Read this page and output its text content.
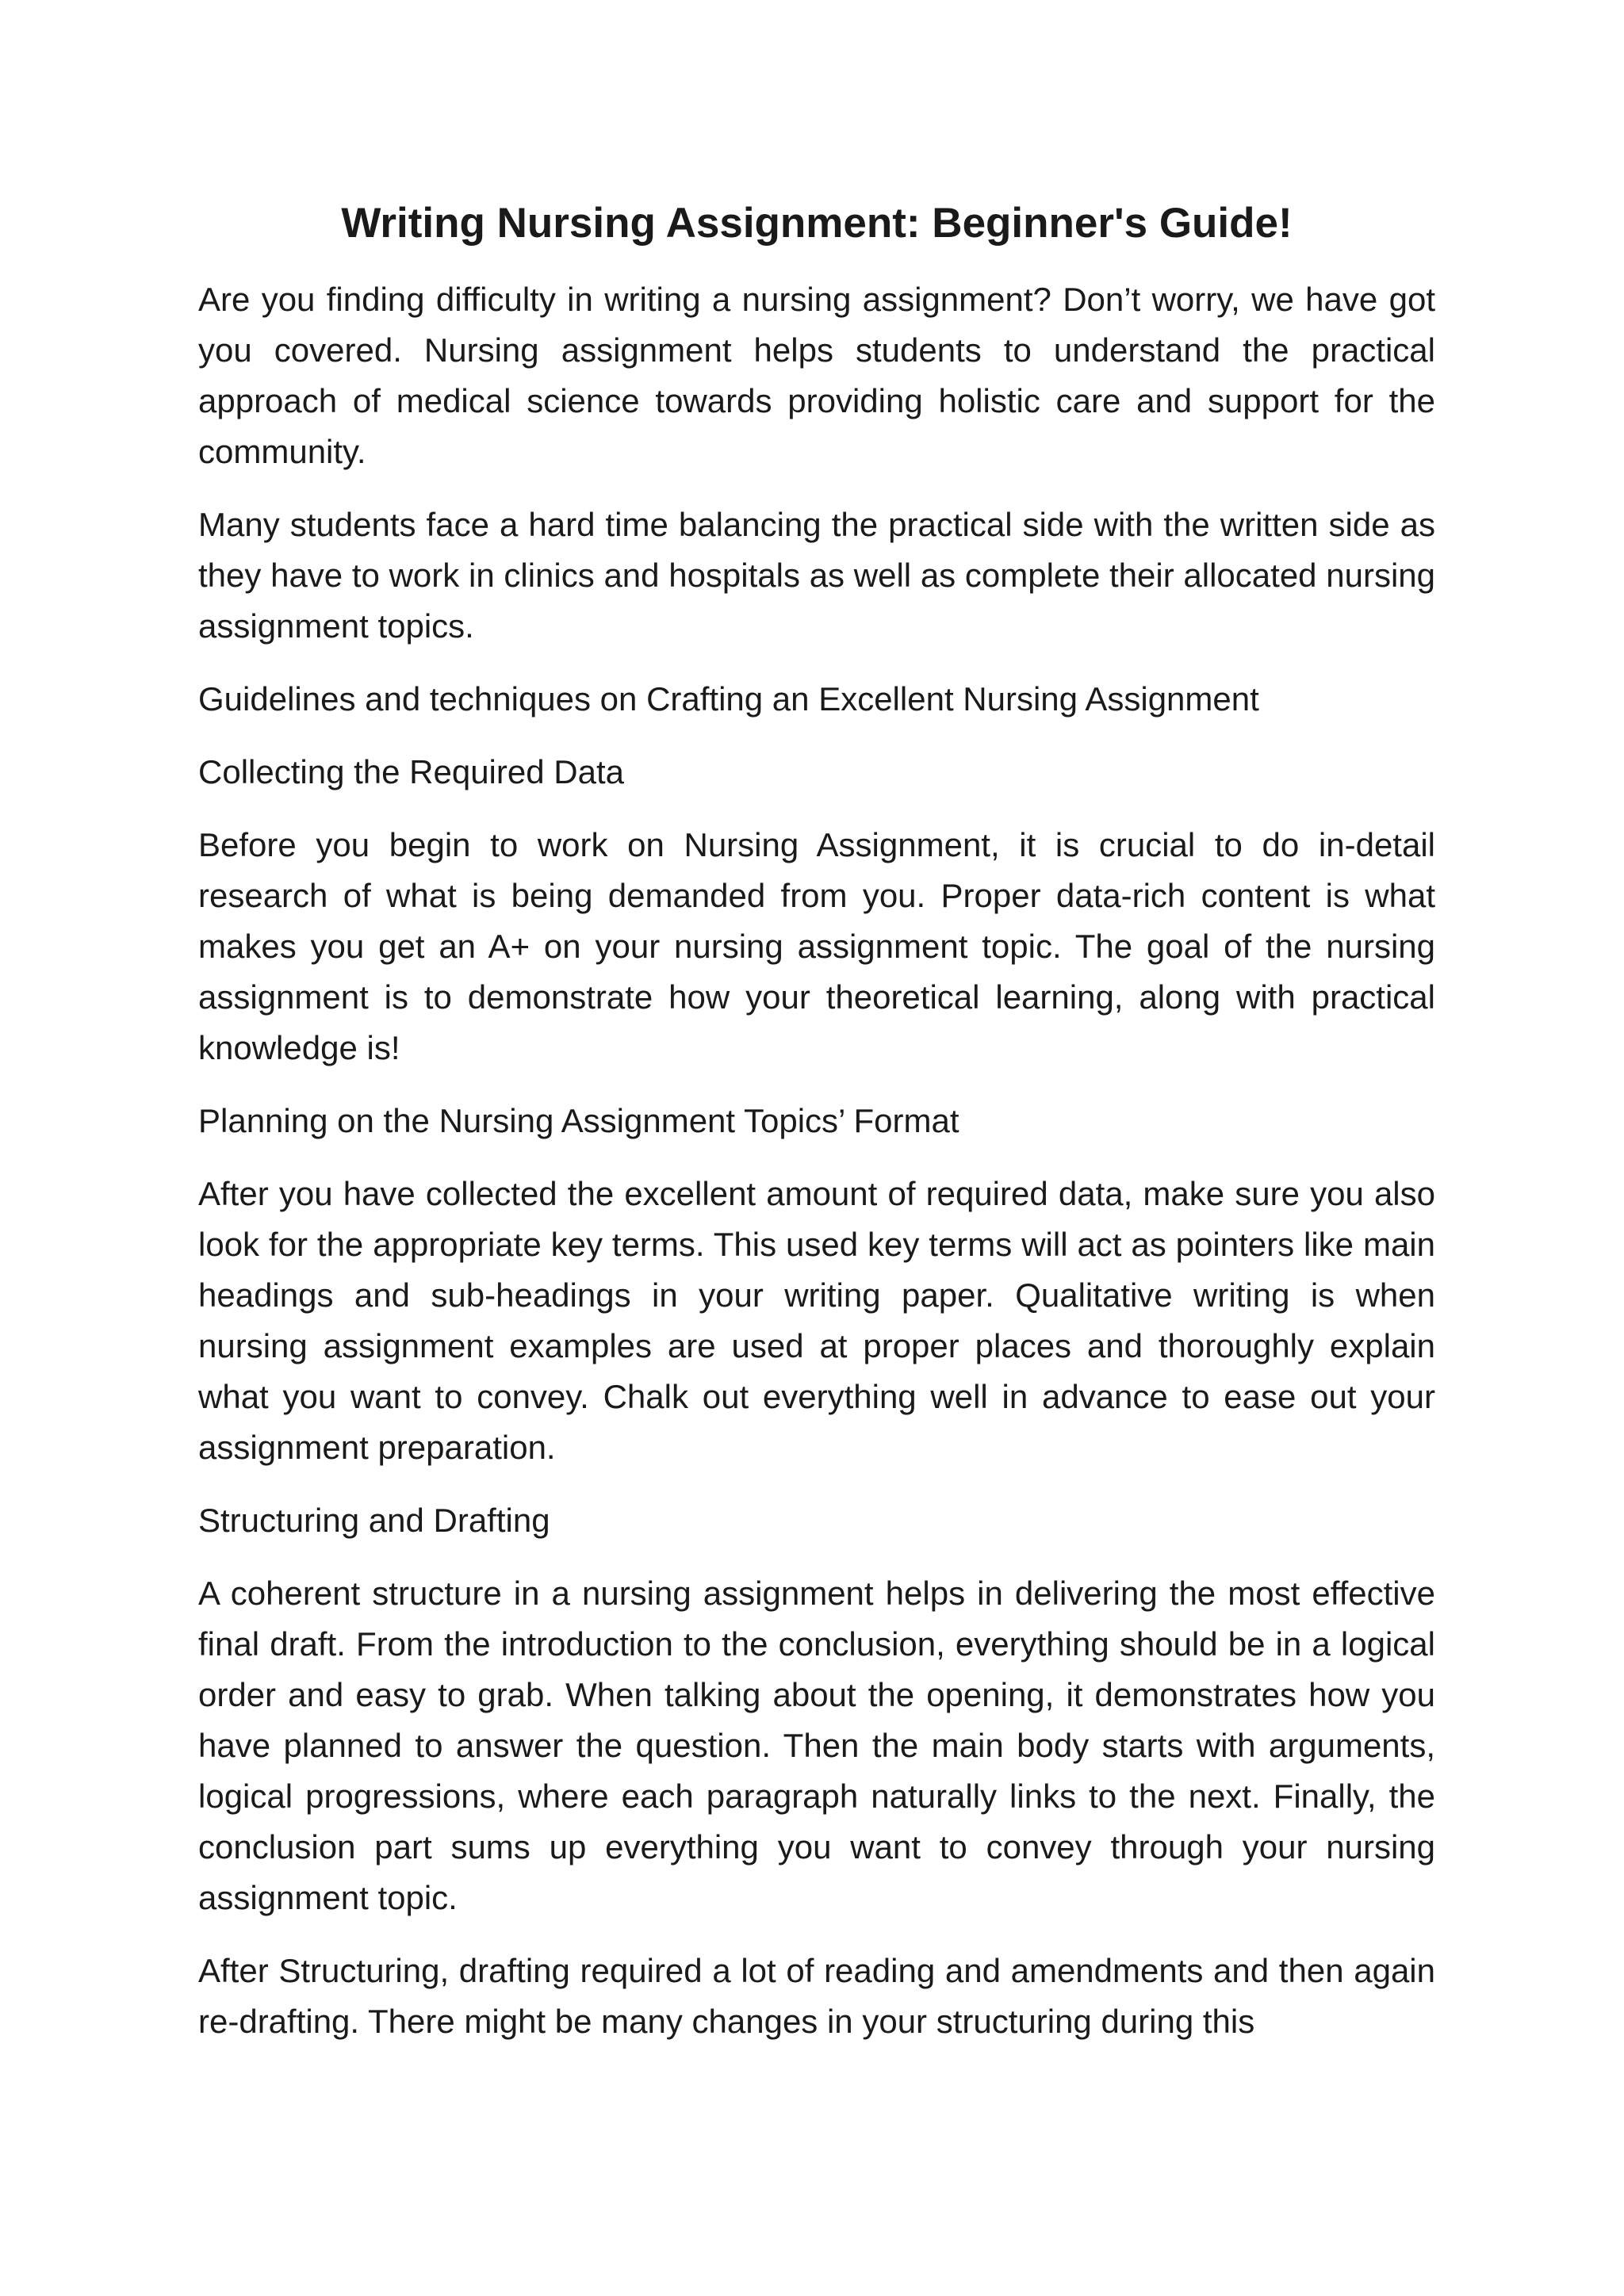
Writing Nursing Assignment: Beginner's Guide!

Are you finding difficulty in writing a nursing assignment? Don’t worry, we have got you covered. Nursing assignment helps students to understand the practical approach of medical science towards providing holistic care and support for the community.

Many students face a hard time balancing the practical side with the written side as they have to work in clinics and hospitals as well as complete their allocated nursing assignment topics.

Guidelines and techniques on Crafting an Excellent Nursing Assignment

Collecting the Required Data

Before you begin to work on Nursing Assignment, it is crucial to do in-detail research of what is being demanded from you. Proper data-rich content is what makes you get an A+ on your nursing assignment topic. The goal of the nursing assignment is to demonstrate how your theoretical learning, along with practical knowledge is!

Planning on the Nursing Assignment Topics’ Format

After you have collected the excellent amount of required data, make sure you also look for the appropriate key terms. This used key terms will act as pointers like main headings and sub-headings in your writing paper. Qualitative writing is when nursing assignment examples are used at proper places and thoroughly explain what you want to convey. Chalk out everything well in advance to ease out your assignment preparation.

Structuring and Drafting

A coherent structure in a nursing assignment helps in delivering the most effective final draft. From the introduction to the conclusion, everything should be in a logical order and easy to grab. When talking about the opening, it demonstrates how you have planned to answer the question. Then the main body starts with arguments, logical progressions, where each paragraph naturally links to the next. Finally, the conclusion part sums up everything you want to convey through your nursing assignment topic.

After Structuring, drafting required a lot of reading and amendments and then again re-drafting. There might be many changes in your structuring during this
